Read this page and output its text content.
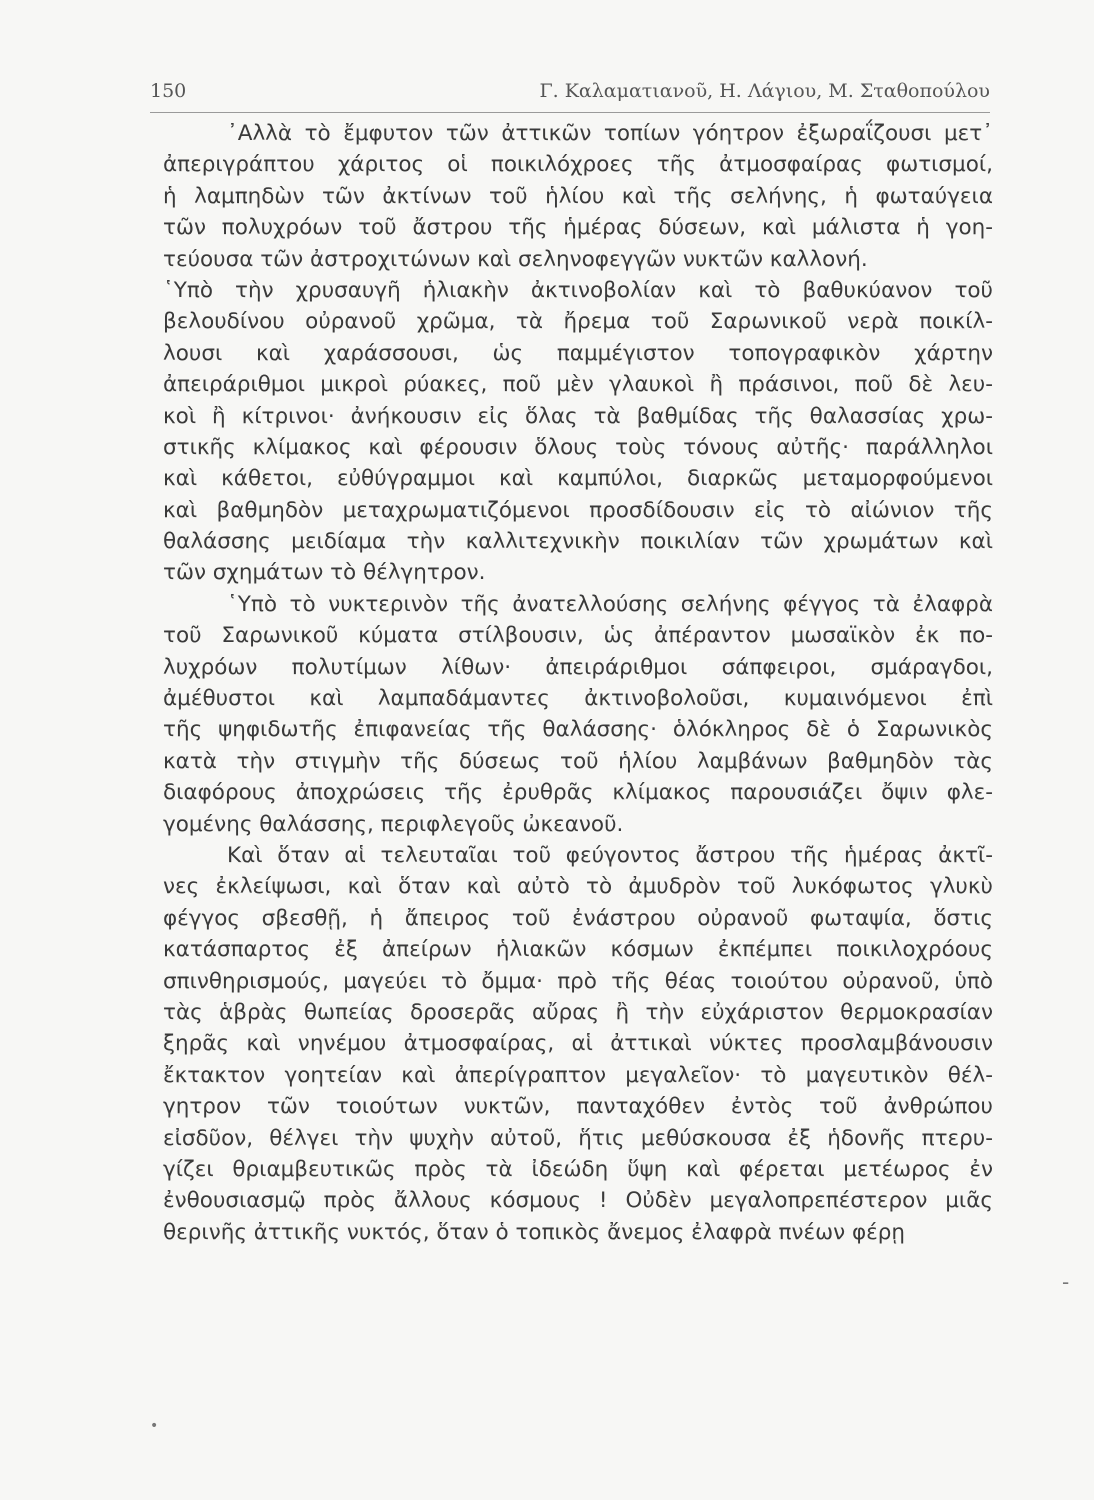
150	Γ. Καλαματιανοῦ, Η. Λάγιου, Μ. Σταθοπούλου
᾿Αλλὰ τὸ ἔμφυτον τῶν ἀττικῶν τοπίων γόητρον ἐξωραΐζουσι μετ᾿
ἀπεριγράπτου χάριτος οἱ ποικιλόχροες τῆς ἀτμοσφαίρας φωτισμοί,
ἡ λαμπηδὼν τῶν ἀκτίνων τοῦ ἡλίου καὶ τῆς σελήνης, ἡ φωταύγεια
τῶν πολυχρόων τοῦ ἄστρου τῆς ἡμέρας δύσεων, καὶ μάλιστα ἡ γοη-
τεύουσα τῶν ἀστροχιτώνων καὶ σεληνοφεγγῶν νυκτῶν καλλονή.
῾Υπὸ τὴν χρυσαυγῆ ἡλιακὴν ἀκτινοβολίαν καὶ τὸ βαθυκύανον τοῦ
βελουδίνου οὐρανοῦ χρῶμα, τὰ ἤρεμα τοῦ Σαρωνικοῦ νερὰ ποικίλ-
λουσι καὶ χαράσσουσι, ὡς παμμέγιστον τοπογραφικὸν χάρτην
ἀπειράριθμοι μικροὶ ρύακες, ποῦ μὲν γλαυκοὶ ἢ πράσινοι, ποῦ δὲ λευ-
κοὶ ἢ κίτρινοι· ἀνήκουσιν εἰς ὅλας τὰ βαθμίδας τῆς θαλασσίας χρω-
στικῆς κλίμακος καὶ φέρουσιν ὅλους τοὺς τόνους αὐτῆς· παράλληλοι
καὶ κάθετοι, εὐθύγραμμοι καὶ καμπύλοι, διαρκῶς μεταμορφούμενοι
καὶ βαθμηδὸν μεταχρωματιζόμενοι προσδίδουσιν εἰς τὸ αἰώνιον τῆς
θαλάσσης μειδίαμα τὴν καλλιτεχνικὴν ποικιλίαν τῶν χρωμάτων καὶ
τῶν σχημάτων τὸ θέλγητρον.
῾Υπὸ τὸ νυκτερινὸν τῆς ἀνατελλούσης σελήνης φέγγος τὰ ἐλαφρὰ
τοῦ Σαρωνικοῦ κύματα στίλβουσιν, ὡς ἀπέραντον μωσαϊκὸν ἐκ πο-
λυχρόων πολυτίμων λίθων· ἀπειράριθμοι σάπφειροι, σμάραγδοι,
ἀμέθυστοι καὶ λαμπαδάμαντες ἀκτινοβολοῦσι, κυμαινόμενοι ἐπὶ
τῆς ψηφιδωτῆς ἐπιφανείας τῆς θαλάσσης· ὁλόκληρος δὲ ὁ Σαρωνικὸς
κατὰ τὴν στιγμὴν τῆς δύσεως τοῦ ἡλίου λαμβάνων βαθμηδὸν τὰς
διαφόρους ἀποχρώσεις τῆς ἐρυθρᾶς κλίμακος παρουσιάζει ὄψιν φλε-
γομένης θαλάσσης, περιφλεγοῦς ὠκεανοῦ.
Καὶ ὅταν αἱ τελευταῖαι τοῦ φεύγοντος ἄστρου τῆς ἡμέρας ἀκτῖ-
νες ἐκλείψωσι, καὶ ὅταν καὶ αὐτὸ τὸ ἀμυδρὸν τοῦ λυκόφωτος γλυκὺ
φέγγος σβεσθῇ, ἡ ἄπειρος τοῦ ἐνάστρου οὐρανοῦ φωταψία, ὅστις
κατάσπαρτος ἐξ ἀπείρων ἡλιακῶν κόσμων ἐκπέμπει ποικιλοχρόους
σπινθηρισμούς, μαγεύει τὸ ὄμμα· πρὸ τῆς θέας τοιούτου οὐρανοῦ, ὑπὸ
τὰς ἁβρὰς θωπείας δροσερᾶς αὔρας ἢ τὴν εὐχάριστον θερμοκρασίαν
ξηρᾶς καὶ νηνέμου ἀτμοσφαίρας, αἱ ἀττικαὶ νύκτες προσλαμβάνουσιν
ἔκτακτον γοητείαν καὶ ἀπερίγραπτον μεγαλεῖον· τὸ μαγευτικὸν θέλ-
γητρον τῶν τοιούτων νυκτῶν, πανταχόθεν ἐντὸς τοῦ ἀνθρώπου
εἰσδῦον, θέλγει τὴν ψυχὴν αὐτοῦ, ἥτις μεθύσκουσα ἐξ ἡδονῆς πτερυ-
γίζει θριαμβευτικῶς πρὸς τὰ ἰδεώδη ὕψη καὶ φέρεται μετέωρος ἐν
ἐνθουσιασμῷ πρὸς ἄλλους κόσμους ! Οὐδὲν μεγαλοπρεπέστερον μιᾶς
θερινῆς ἀττικῆς νυκτός, ὅταν ὁ τοπικὸς ἄνεμος ἐλαφρὰ πνέων φέρῃ
-
•
